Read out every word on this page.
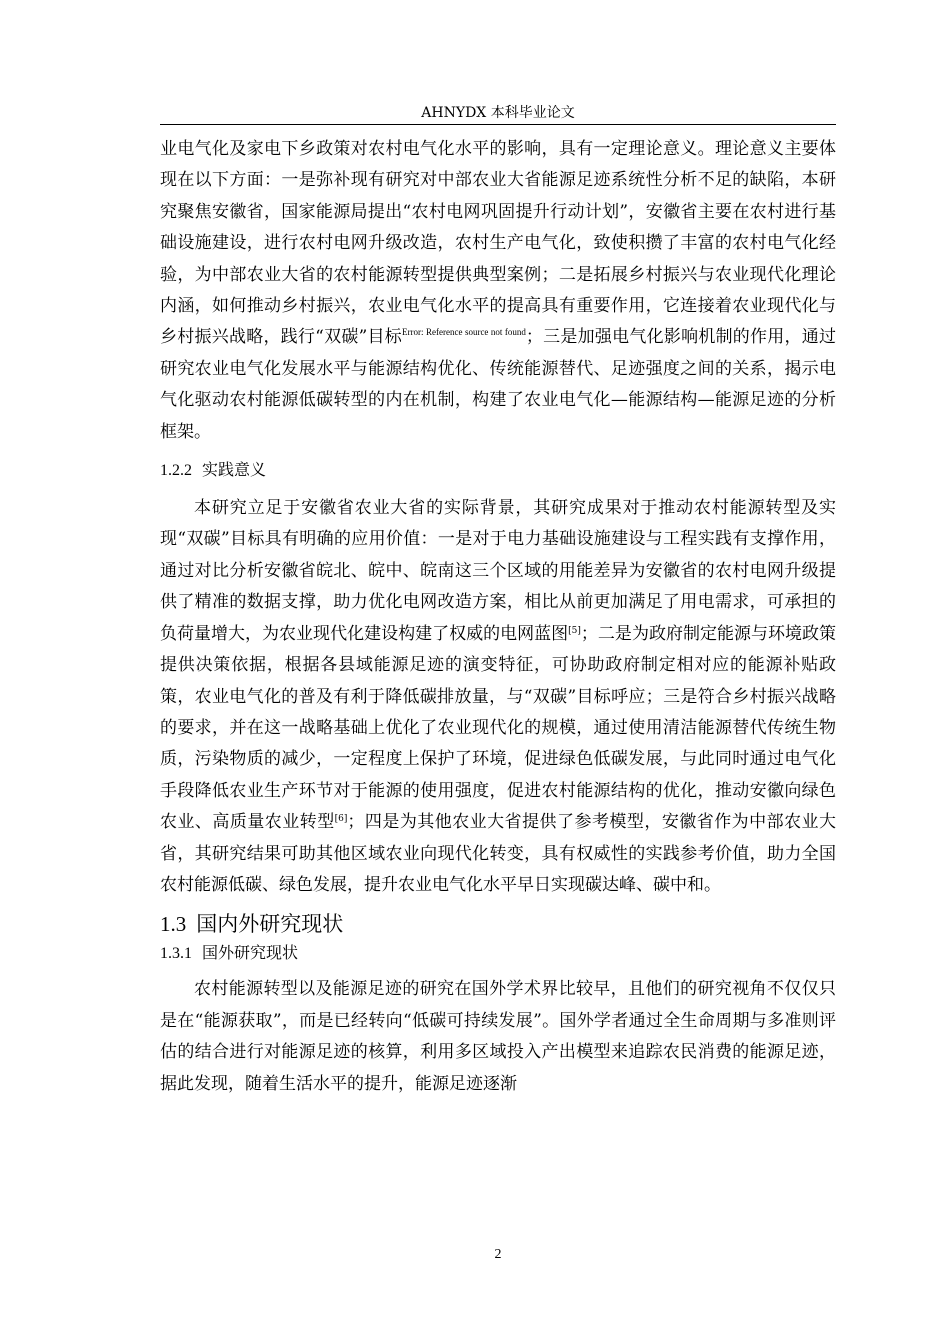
AHNYDX 本科毕业论文

业电气化及家电下乡政策对农村电气化水平的影响，具有一定理论意义。理论意义主要体现在以下方面：一是弥补现有研究对中部农业大省能源足迹系统性分析不足的缺陷，本研究聚焦安徽省，国家能源局提出“农村电网巩固提升行动计划”，安徽省主要在农村进行基础设施建设，进行农村电网升级改造，农村生产电气化，致使积攒了丰富的农村电气化经验，为中部农业大省的农村能源转型提供典型案例；二是拓展乡村振兴与农业现代化理论内涵，如何推动乡村振兴，农业电气化水平的提高具有重要作用，它连接着农业现代化与乡村振兴战略，践行“双碳”目标$^{Error: Reference source not found}$；三是加强电气化影响机制的作用，通过研究农业电气化发展水平与能源结构优化、传统能源替代、足迹强度之间的关系，揭示电气化驱动农村能源低碳转型的内在机制，构建了农业电气化—能源结构—能源足迹的分析框架。

1.2.2 实践意义

本研究立足于安徽省农业大省的实际背景，其研究成果对于推动农村能源转型及实现“双碳”目标具有明确的应用价值：一是对于电力基础设施建设与工程实践有支撑作用，通过对比分析安徽省皖北、皖中、皖南这三个区域的用能差异为安徽省的农村电网升级提供了精准的数据支撑，助力优化电网改造方案，相比从前更加满足了用电需求，可承担的负荷量增大，为农业现代化建设构建了权威的电网蓝图[5]；二是为政府制定能源与环境政策提供决策依据，根据各县域能源足迹的演变特征，可协助政府制定相对应的能源补贴政策，农业电气化的普及有利于降低碳排放量，与“双碳”目标呼应；三是符合乡村振兴战略的要求，并在这一战略基础上优化了农业现代化的规模，通过使用清洁能源替代传统生物质，污染物质的减少，一定程度上保护了环境，促进绿色低碳发展，与此同时通过电气化手段降低农业生产环节对于能源的使用强度，促进农村能源结构的优化，推动安徽向绿色农业、高质量农业转型[6]；四是为其他农业大省提供了参考模型，安徽省作为中部农业大省，其研究结果可助其他区域农业向现代化转变，具有权威性的实践参考价值，助力全国农村能源低碳、绿色发展，提升农业电气化水平早日实现碳达峰、碳中和。

1.3 国内外研究现状
1.3.1 国外研究现状

农村能源转型以及能源足迹的研究在国外学术界比较早，且他们的研究视角不仅仅只是在“能源获取”，而是已经转向“低碳可持续发展”。国外学者通过全生命周期与多准则评估的结合进行对能源足迹的核算，利用多区域投入产出模型来追踪农民消费的能源足迹，据此发现，随着生活水平的提升，能源足迹逐渐

2
